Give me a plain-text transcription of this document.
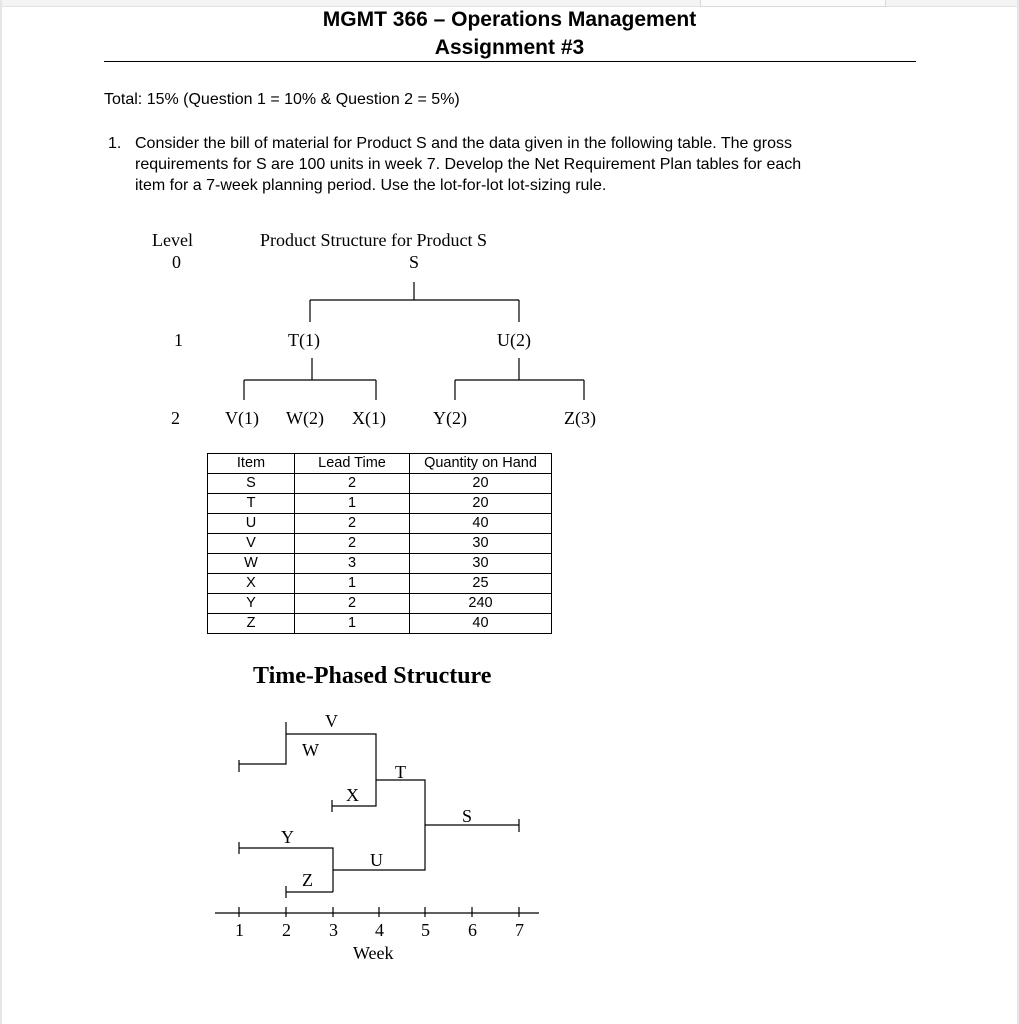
MGMT 366 – Operations Management
Assignment #3
Total: 15% (Question 1 = 10% & Question 2 = 5%)
1. Consider the bill of material for Product S and the data given in the following table. The gross
requirements for S are 100 units in week 7. Develop the Net Requirement Plan tables for each
item for a 7-week planning period. Use the lot-for-lot lot-sizing rule.
Level	Product Structure for Product S
0	S
1	T(1)	U(2)
2	V(1) W(2) X(1)	Y(2)	Z(3)
Item	Lead Time	Quantity on Hand
S	2	20
T	1	20
U	2	40
V	2	30
W	3	30
X	1	25
Y	2	240
Z	1	40
Time-Phased Structure
V
W
T
X
S
Y
U
Z
1 2 3 4 5 6 7
Week
